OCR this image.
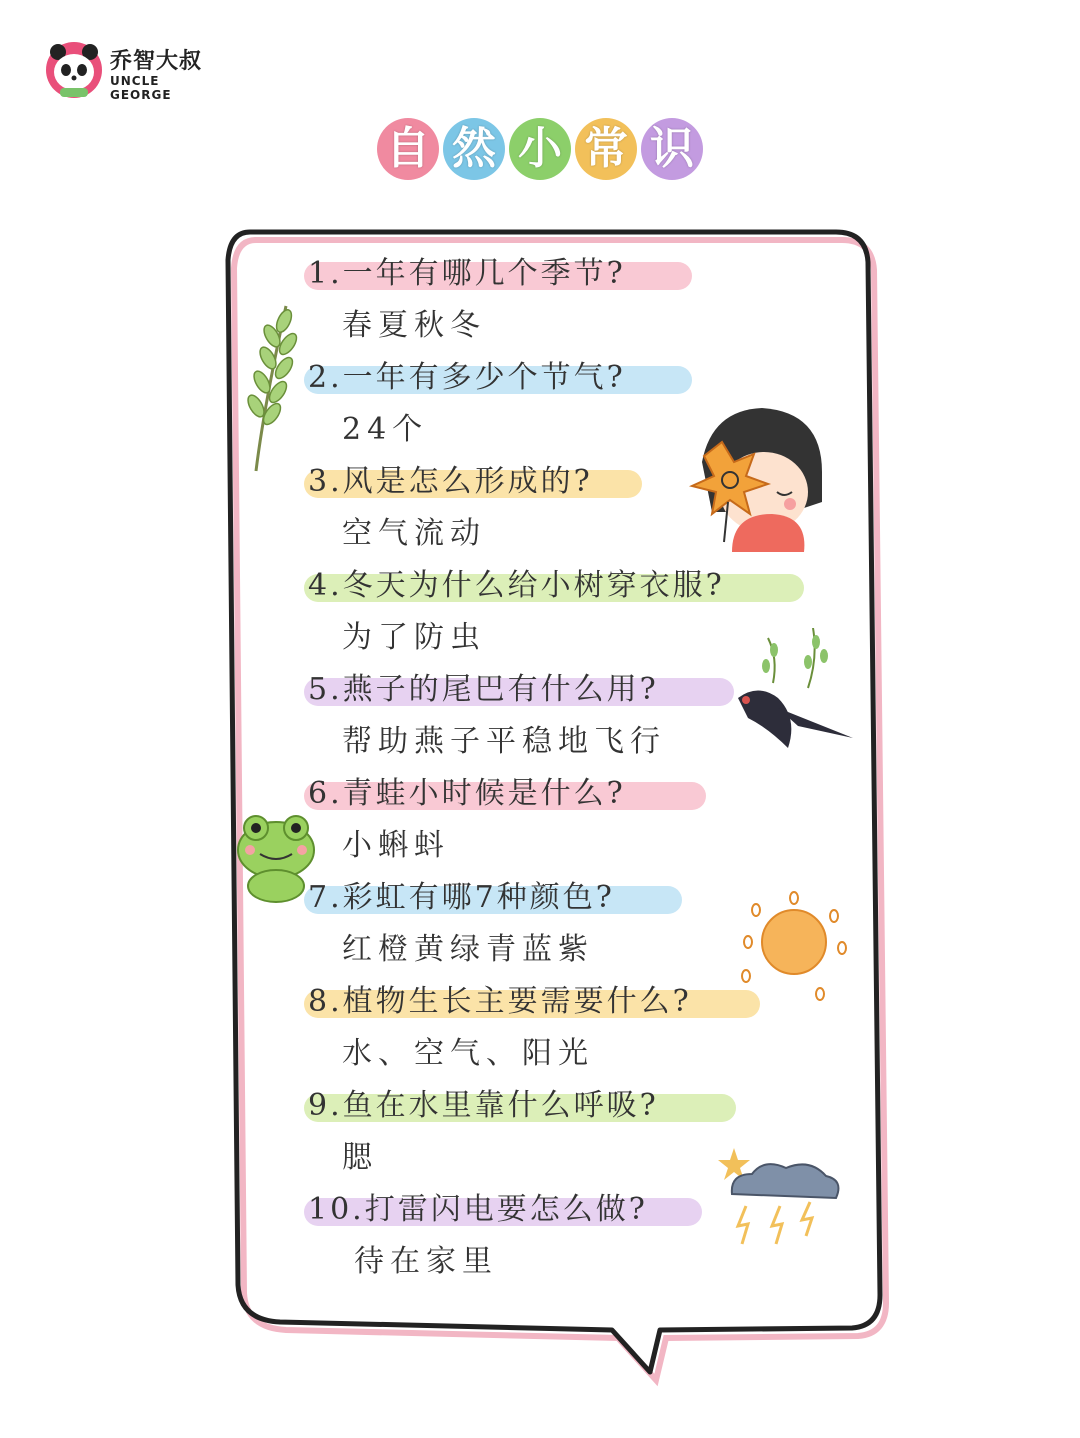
乔智大叔
UNCLE GEORGE
自 然 小 常 识
1.一年有哪几个季节?
春夏秋冬
2.一年有多少个节气?
24个
3.风是怎么形成的?
空气流动
4.冬天为什么给小树穿衣服?
为了防虫
5.燕子的尾巴有什么用?
帮助燕子平稳地飞行
6.青蛙小时候是什么?
小蝌蚪
7.彩虹有哪7种颜色?
红橙黄绿青蓝紫
8.植物生长主要需要什么?
水、空气、阳光
9.鱼在水里靠什么呼吸?
腮
10.打雷闪电要怎么做?
待在家里
